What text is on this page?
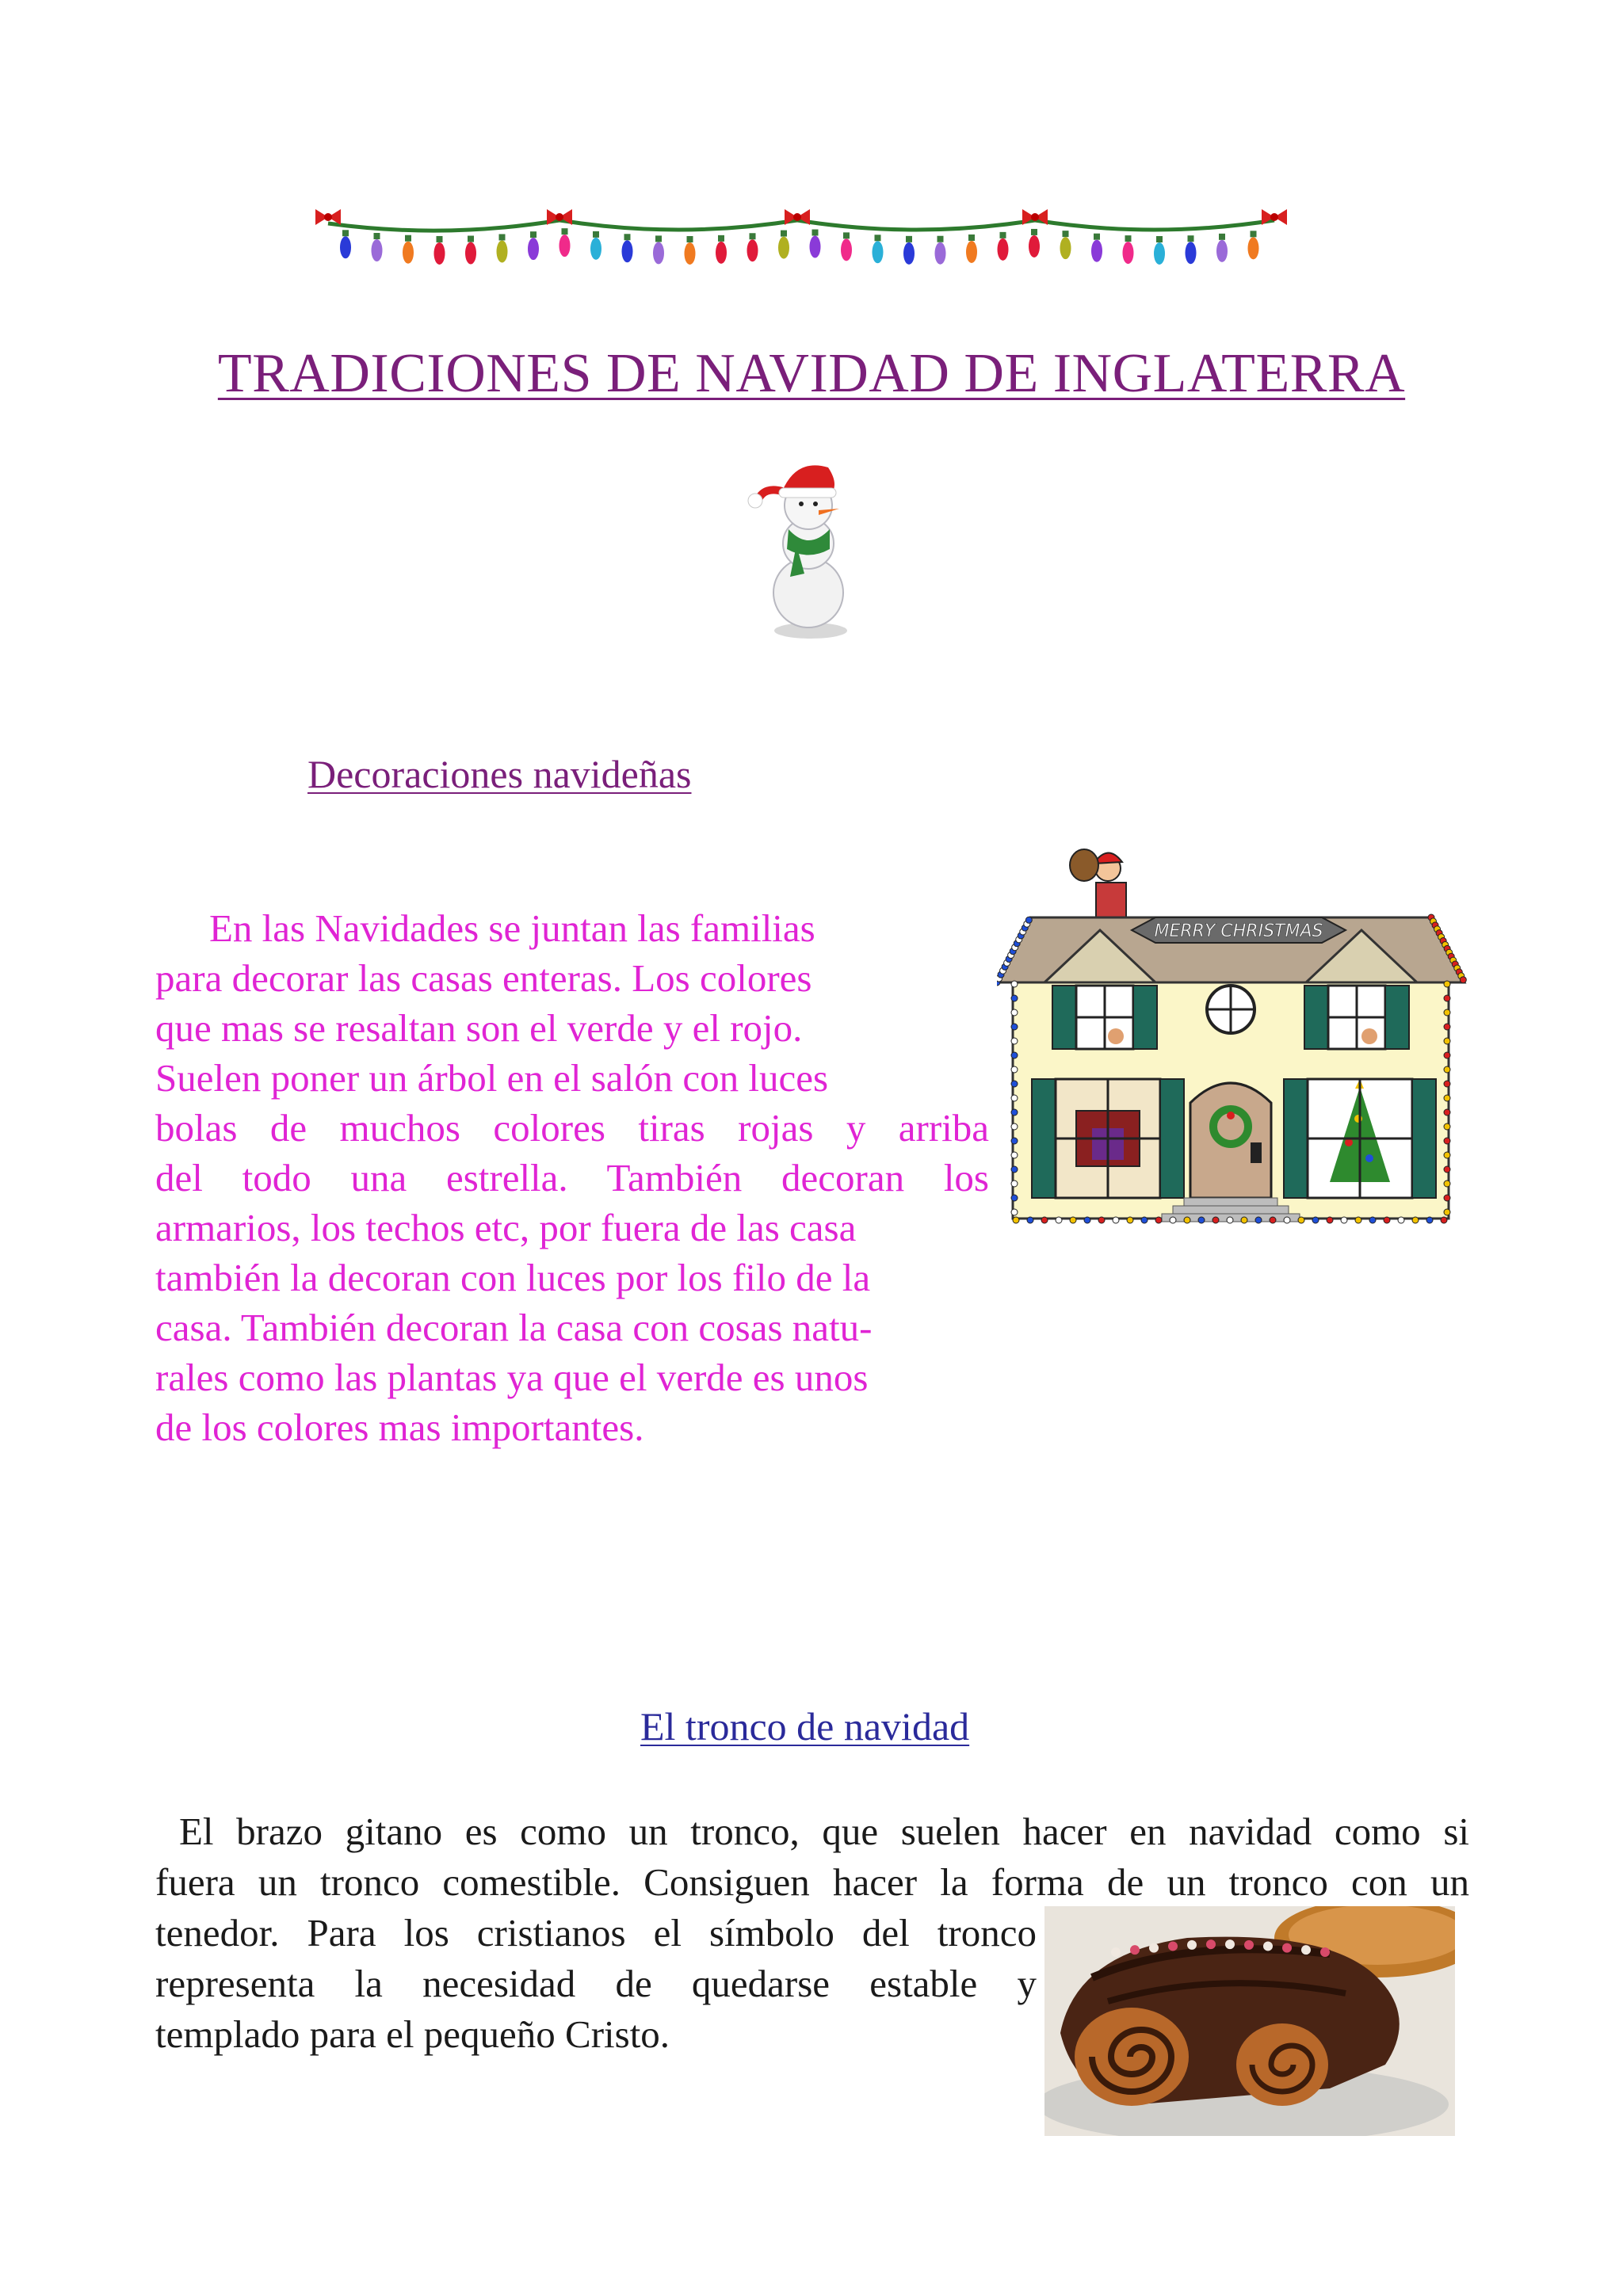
TRADICIONES DE NAVIDAD DE INGLATERRA
Decoraciones navideñas
En las Navidades se juntan las familias
para decorar las casas enteras. Los colores
que mas se resaltan son el verde y el rojo.
Suelen poner un árbol en el salón con luces
bolas de muchos colores tiras rojas y arriba
del todo una estrella. También decoran los
armarios, los techos etc, por fuera de las casa
también la decoran con luces por los filo de la
casa. También decoran la casa con cosas natu-
rales como las plantas ya que el verde es unos
de los colores mas importantes.
MERRY CHRISTMAS
El tronco de navidad
El brazo gitano es como un tronco, que suelen hacer en navidad como si
fuera un tronco comestible. Consiguen hacer la forma de un tronco con un
tenedor. Para los cristianos el símbolo del tronco
representa la necesidad de quedarse estable y
templado para el pequeño Cristo.
